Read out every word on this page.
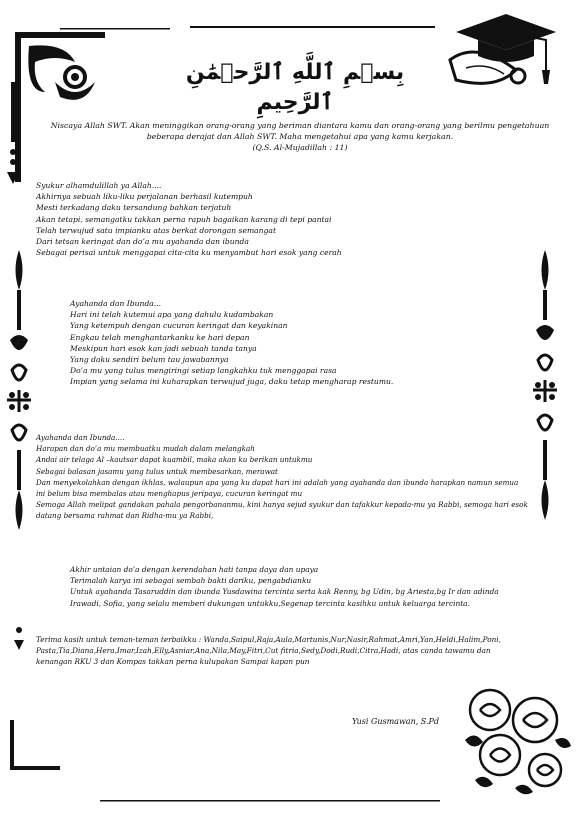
بِسۡمِ ٱللَّهِ ٱلرَّحۡمَٰنِ ٱلرَّحِيمِ
Niscaya Allah SWT. Akan meninggikan orang-orang yang beriman diantara kamu dan orang-orang yang berilmu pengetahuan
beberapa derajat dan Allah SWT. Maha mengetahui apa yang kamu kerjakan.
(Q.S. Al-Mujadillah : 11)
Syukur alhamdulillah ya Allah....
Akhirnya sebuah liku-liku perjalanan berhasil kutempuh
Mesti terkadang daku tersandung bahkan terjatuh
Akan tetapi, semangatku takkan perna rapuh bagaikan karang di tepi pantai
Telah terwujud satu impianku atas berkat dorongan semangat
Dari tetsan keringat dan do’a mu ayahanda dan ibunda
Sebagai perisai untuk menggapai cita-cita ku menyambut hari esok yang cerah
Ayahanda dan Ibunda...
Hari ini telah kutemui apa yang dahulu kudambakan
Yang ketempuh dengan cucuran keringat dan keyakinan
Engkau telah menghantarkanku ke hari depan
Meskipun hari esok kan jadi sebuah tanda tanya
Yang daku sendiri belum tau jawabannya
Do’a mu yang tulus mengiringi setiap langkahku tuk menggapai rasa
Impian yang selama ini kuharapkan terwujud juga, daku tetap mengharap restumu.
Ayahanda dan Ibunda....
Harapan dan do’a mu membuatku mudah dalam melangkah
Andai air telaga Al –kautsar dapat kuambil, maka akan ku berikan untukmu
Sebagai balasan jasamu yang tulus untuk membesarkan, merawat
Dan menyekolahkan dengan ikhlas, walaupun apa yang ku dapat hari ini adalah yang ayahanda dan ibunda harapkan namun semua
ini belum bisa membalas atau menghapus jeripaya, cucuran keringat mu
Semoga Allah melipat gandakan pahala pengorbananmu, kini hanya sejud syukur dan tafakkur kepada-mu ya Rabbi, semoga hari esok
datang bersama rahmat dan Ridha-mu ya Rabbi,
Akhir untaian do’a dengan kerendahan hati tanpa daya dan upaya
Terimalah karya ini sebagai sembah bakti dariku, pengabdianku
Untuk ayahanda Tasaruddin dan ibunda Yusdawina tercinta serta kak Renny, bg Udin, bg Ariesta,bg Ir dan adinda
Irawadi, Sofia, yang selalu memberi dukungan untukku,Segenap tercinta kasihku untuk keluarga tercinta.
Terima kasih untuk teman-teman terbaikku : Wanda,Saipul,Raja,Aula,Martunis,Nur,Nasir,Rahmat,Amri,Yan,Heldi,Halim,Poni,
Pasta,Tia,Diana,Hera,Imar,Izah,Elly,Asniar,Ana,Nila,May,Fitri,Cut fitria,Sedy,Dodi,Rudi,Citra,Hadi, atas canda tawamu dan
kenangan RKU 3 dan Kompas takkan perna kulupakan Sampai kapan pun
Yusi Gusmawan, S.Pd
